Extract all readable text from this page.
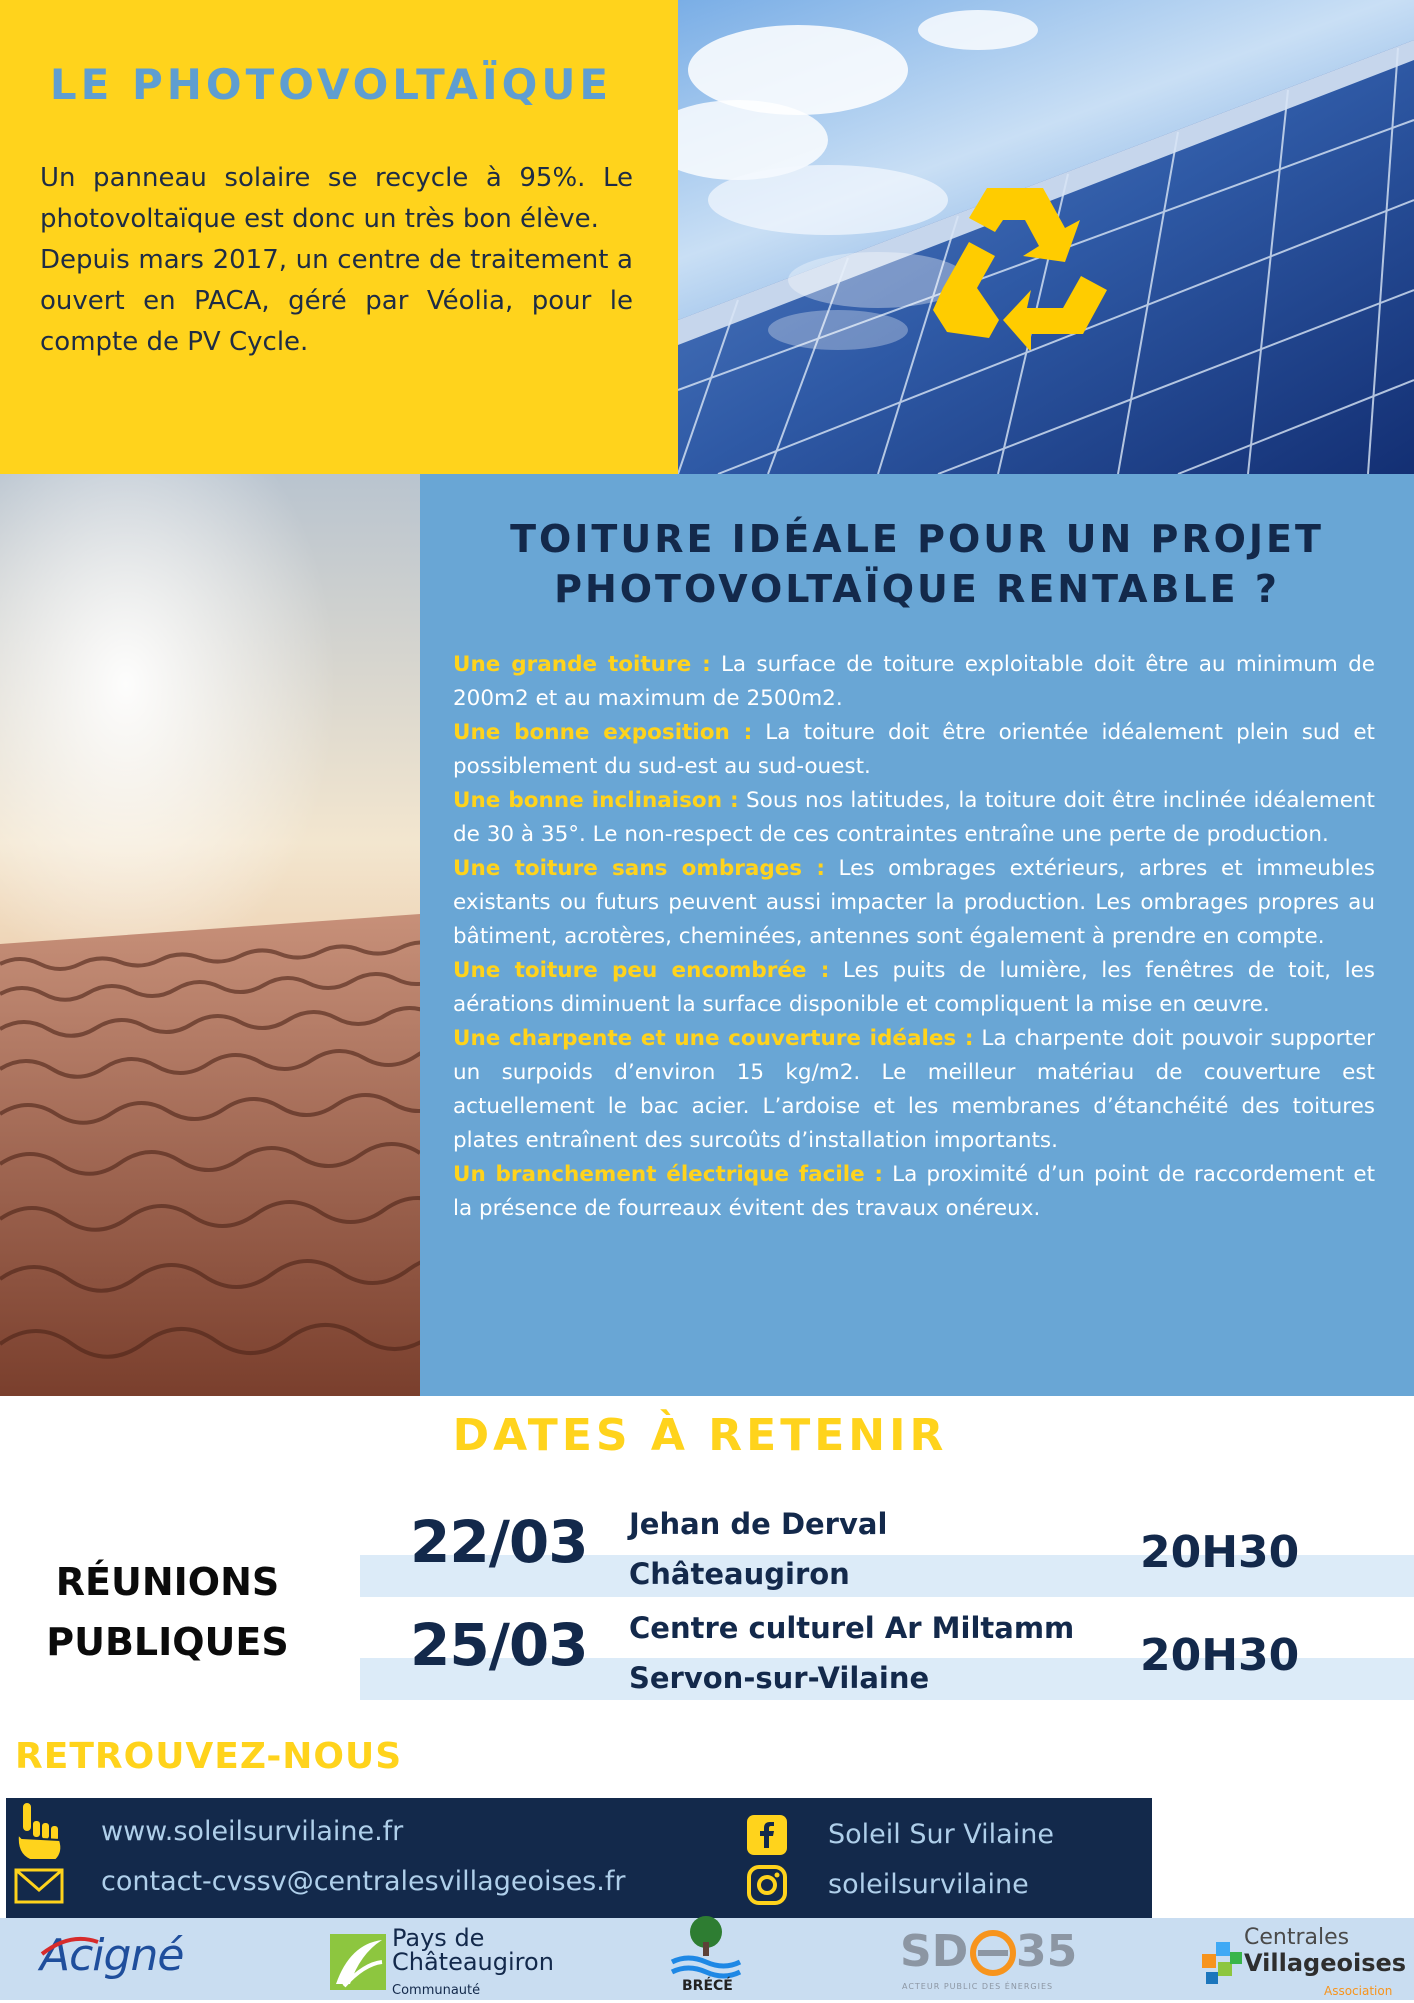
LE PHOTOVOLTAÏQUE

Un panneau solaire se recycle à 95%. Le photovoltaïque est donc un très bon élève.

Depuis mars 2017, un centre de traitement a ouvert en PACA, géré par Véolia, pour le compte de PV Cycle.

TOITURE IDÉALE POUR UN PROJET
PHOTOVOLTAÏQUE RENTABLE ?

Une grande toiture : La surface de toiture exploitable doit être au minimum de 200m2 et au maximum de 2500m2.

Une bonne exposition : La toiture doit être orientée idéalement plein sud et possiblement du sud-est au sud-ouest.

Une bonne inclinaison : Sous nos latitudes, la toiture doit être inclinée idéalement de 30 à 35°. Le non-respect de ces contraintes entraîne une perte de production.

Une toiture sans ombrages : Les ombrages extérieurs, arbres et immeubles existants ou futurs peuvent aussi impacter la production. Les ombrages propres au bâtiment, acrotères, cheminées, antennes sont également à prendre en compte.

Une toiture peu encombrée : Les puits de lumière, les fenêtres de toit, les aérations diminuent la surface disponible et compliquent la mise en œuvre.

Une charpente et une couverture idéales : La charpente doit pouvoir supporter un surpoids d’environ 15 kg/m2. Le meilleur matériau de couverture est actuellement le bac acier. L’ardoise et les membranes d’étanchéité des toitures plates entraînent des surcoûts d’installation importants.

Un branchement électrique facile : La proximité d’un point de raccordement et la présence de fourreaux évitent des travaux onéreux.

DATES À RETENIR
RÉUNIONS
PUBLIQUES
22/03 Jehan de Derval
Châteaugiron	20H30
25/03 Centre culturel Ar Miltamm
Servon-sur-Vilaine	20H30
RETROUVEZ-NOUS
www.soleilsurvilaine.fr
contact-cvssv@centralesvillageoises.fr
Soleil Sur Vilaine
soleilsurvilaine
Acigné	Pays de
Châteaugiron
Communauté	BRÉCÉ
SD 35
ACTEUR PUBLIC DES ÉNERGIES
Centrales
Villageoises
Association
